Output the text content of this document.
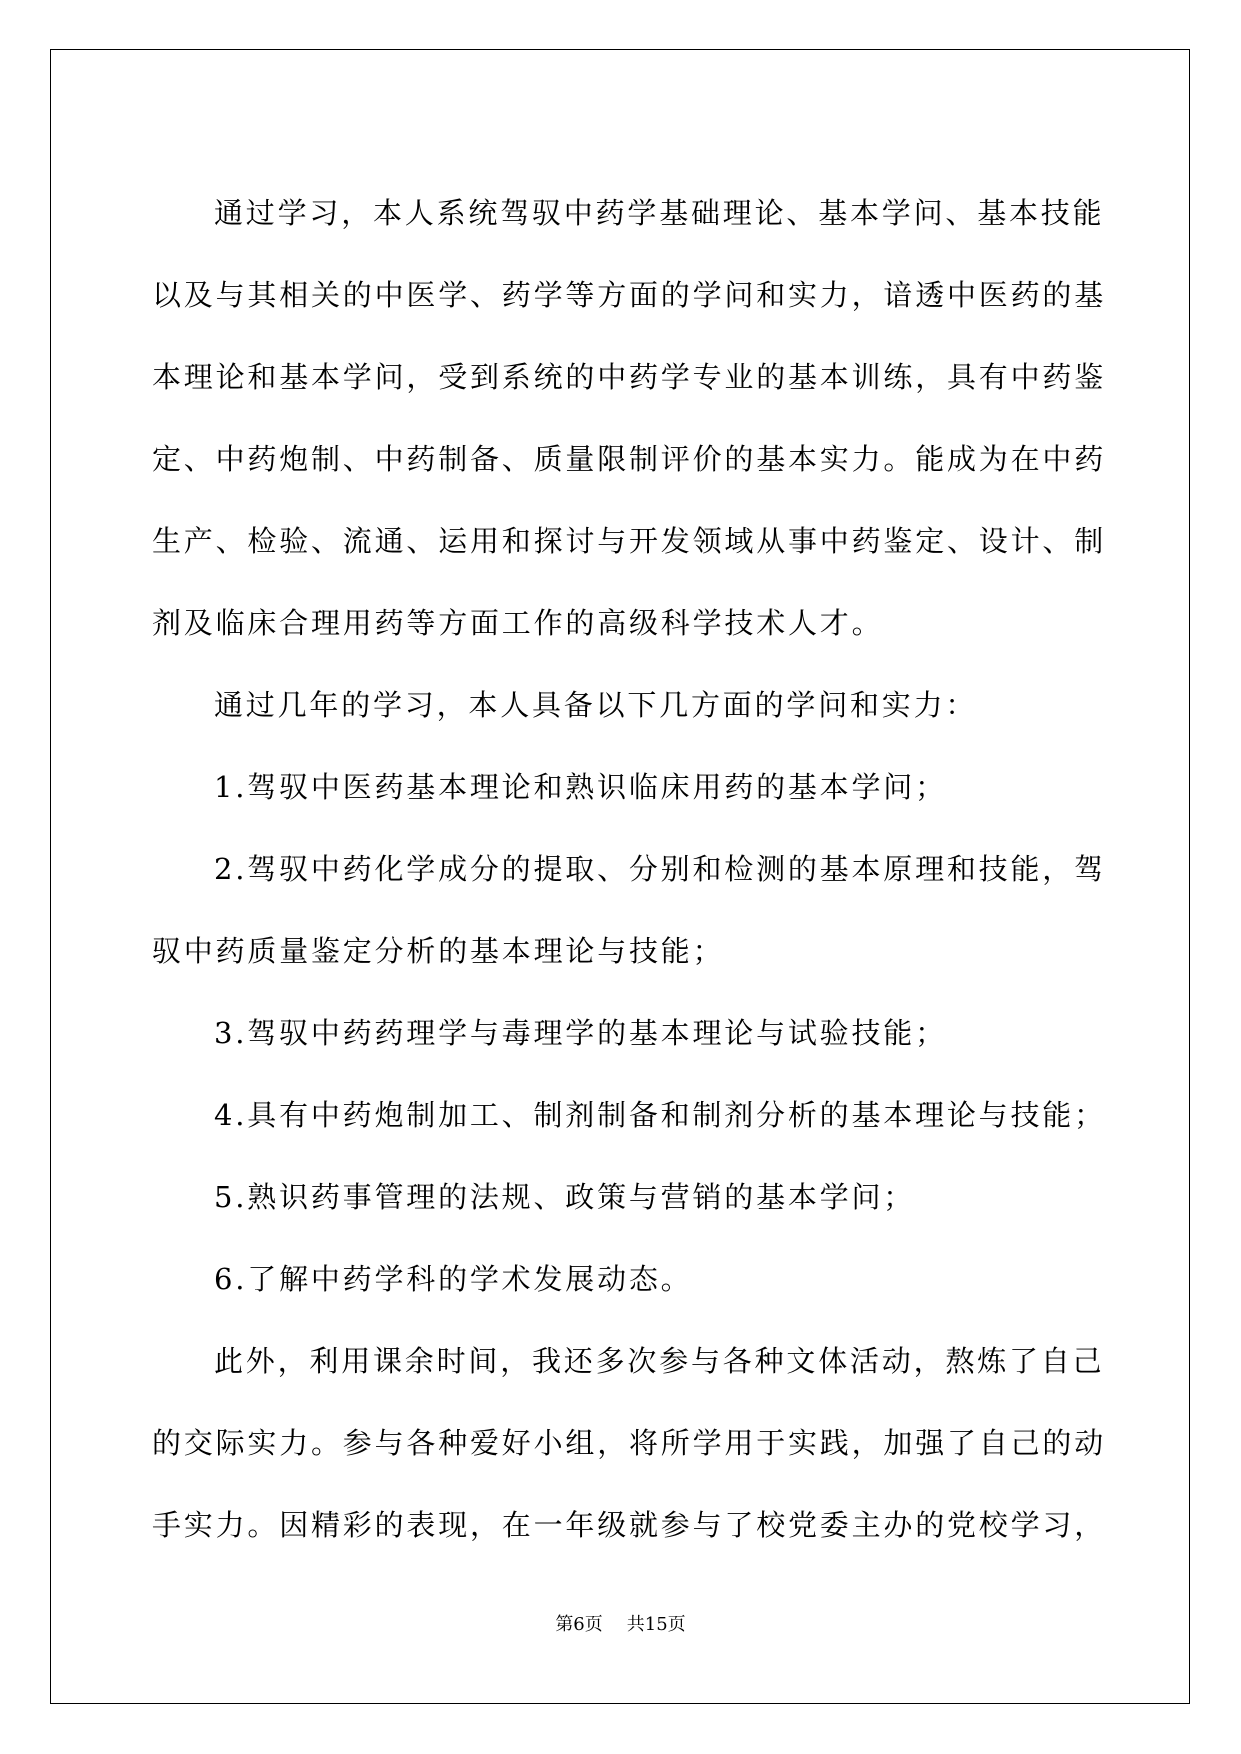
通过学习，本人系统驾驭中药学基础理论、基本学问、基本技能
以及与其相关的中医学、药学等方面的学问和实力，谙透中医药的基
本理论和基本学问，受到系统的中药学专业的基本训练，具有中药鉴
定、中药炮制、中药制备、质量限制评价的基本实力。能成为在中药
生产、检验、流通、运用和探讨与开发领域从事中药鉴定、设计、制
剂及临床合理用药等方面工作的高级科学技术人才。
通过几年的学习，本人具备以下几方面的学问和实力：
1.驾驭中医药基本理论和熟识临床用药的基本学问；
2.驾驭中药化学成分的提取、分别和检测的基本原理和技能，驾
驭中药质量鉴定分析的基本理论与技能；
3.驾驭中药药理学与毒理学的基本理论与试验技能；
4.具有中药炮制加工、制剂制备和制剂分析的基本理论与技能；
5.熟识药事管理的法规、政策与营销的基本学问；
6.了解中药学科的学术发展动态。
此外，利用课余时间，我还多次参与各种文体活动，熬炼了自己
的交际实力。参与各种爱好小组，将所学用于实践，加强了自己的动
手实力。因精彩的表现，在一年级就参与了校党委主办的党校学习，
第6页 共15页
